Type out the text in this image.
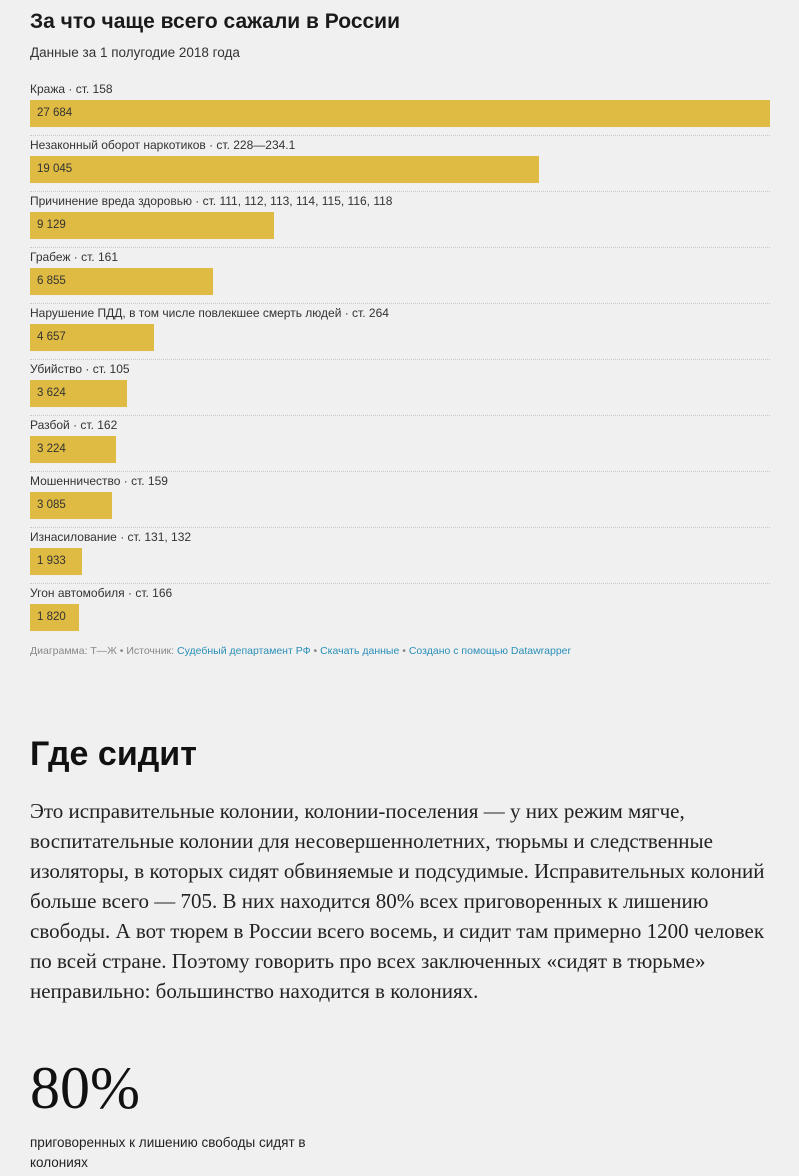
За что чаще всего сажали в России
Данные за 1 полугодие 2018 года
Кража · ст. 158
27 684
Незаконный оборот наркотиков · ст. 228—234.1
19 045
Причинение вреда здоровью · ст. 111, 112, 113, 114, 115, 116, 118
9 129
Грабеж · ст. 161
6 855
Нарушение ПДД, в том числе повлекшее смерть людей · ст. 264
4 657
Убийство · ст. 105
3 624
Разбой · ст. 162
3 224
Мошенничество · ст. 159
3 085
Изнасилование · ст. 131, 132
1 933
Угон автомобиля · ст. 166
1 820
Диаграмма: Т—Ж • Источник: Судебный департамент РФ • Скачать данные • Создано с помощью Datawrapper
Где сидит

Это исправительные колонии, колонии-поселения — у них режим мягче, воспитательные колонии для несовершеннолетних, тюрьмы и следственные изоляторы, в которых сидят обвиняемые и подсудимые. Исправительных колоний больше всего — 705. В них находится 80% всех приговоренных к лишению свободы. А вот тюрем в России всего восемь, и сидит там примерно 1200 человек по всей стране. Поэтому говорить про всех заключенных «сидят в тюрьме» неправильно: большинство находится в колониях.

80%
приговоренных к лишению свободы сидят в колониях
